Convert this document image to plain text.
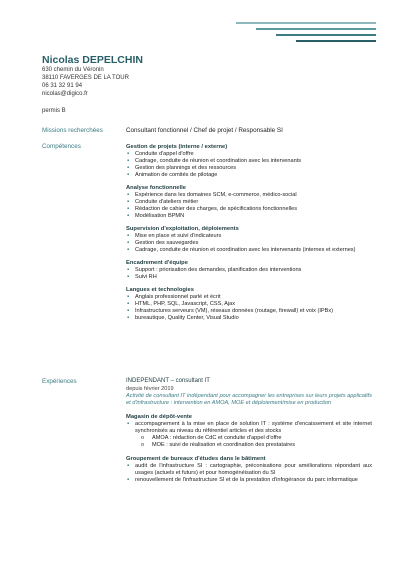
Nicolas DEPELCHIN
630 chemin du Véronin
38110 FAVERGES DE LA TOUR
06 31 32 91 94
nicolas@digico.fr
permis B
Missions recherchées	Consultant fonctionnel / Chef de projet / Responsable SI
Compétences	Gestion de projets (interne / externe)
▪ Conduite d'appel d'offre
▪ Cadrage, conduite de réunion et coordination avec les intervenants
▪ Gestion des plannings et des ressources
▪ Animation de comités de pilotage
Analyse fonctionnelle
▪ Expérience dans les domaines SCM, e-commerce, médico-social
▪ Conduite d'ateliers métier
▪ Rédaction de cahier des charges, de spécifications fonctionnelles
▪ Modélisation BPMN
Supervision d'exploitation, déploiements
▪ Mise en place et suivi d'indicateurs
▪ Gestion des sauvegardes
▪ Cadrage, conduite de réunion et coordination avec les intervenants (internes et externes)
Encadrement d'équipe
▪ Support : priorisation des demandes, planification des interventions
▪ Suivi RH
Langues et technologies
▪ Anglais professionnel parlé et écrit
▪ HTML, PHP, SQL, Javascript, CSS, Ajax
▪ Infrastructures serveurs (VM), réseaux données (routage, firewall) et voix (IPBx)
▪ bureautique, Quality Center, Visual Studio
Expériences	INDEPENDANT – consultant IT
depuis février 2019
Activité de consultant IT indépendant pour accompagner les entreprises sur leurs projets applicatifs et d'infrastructure : intervention en AMOA, MOE et déploiement/mise en production
Magasin de dépôt-vente
▪ accompagnement à la mise en place de solution IT : système d'encaissement et site internet synchronisés au niveau du référentiel articles et des stocks
o AMOA : rédaction de CdC et conduite d'appel d'offre
o MOE : suivi de réalisation et coordination des prestataires
Groupement de bureaux d'études dans le bâtiment
▪ audit de l'infrastructure SI : cartographie, préconisations pour améliorations répondant aux usages (actuels et futurs) et pour homogénéisation du SI
▪ renouvellement de l'infrastructure SI et de la prestation d'infogérance du parc informatique
